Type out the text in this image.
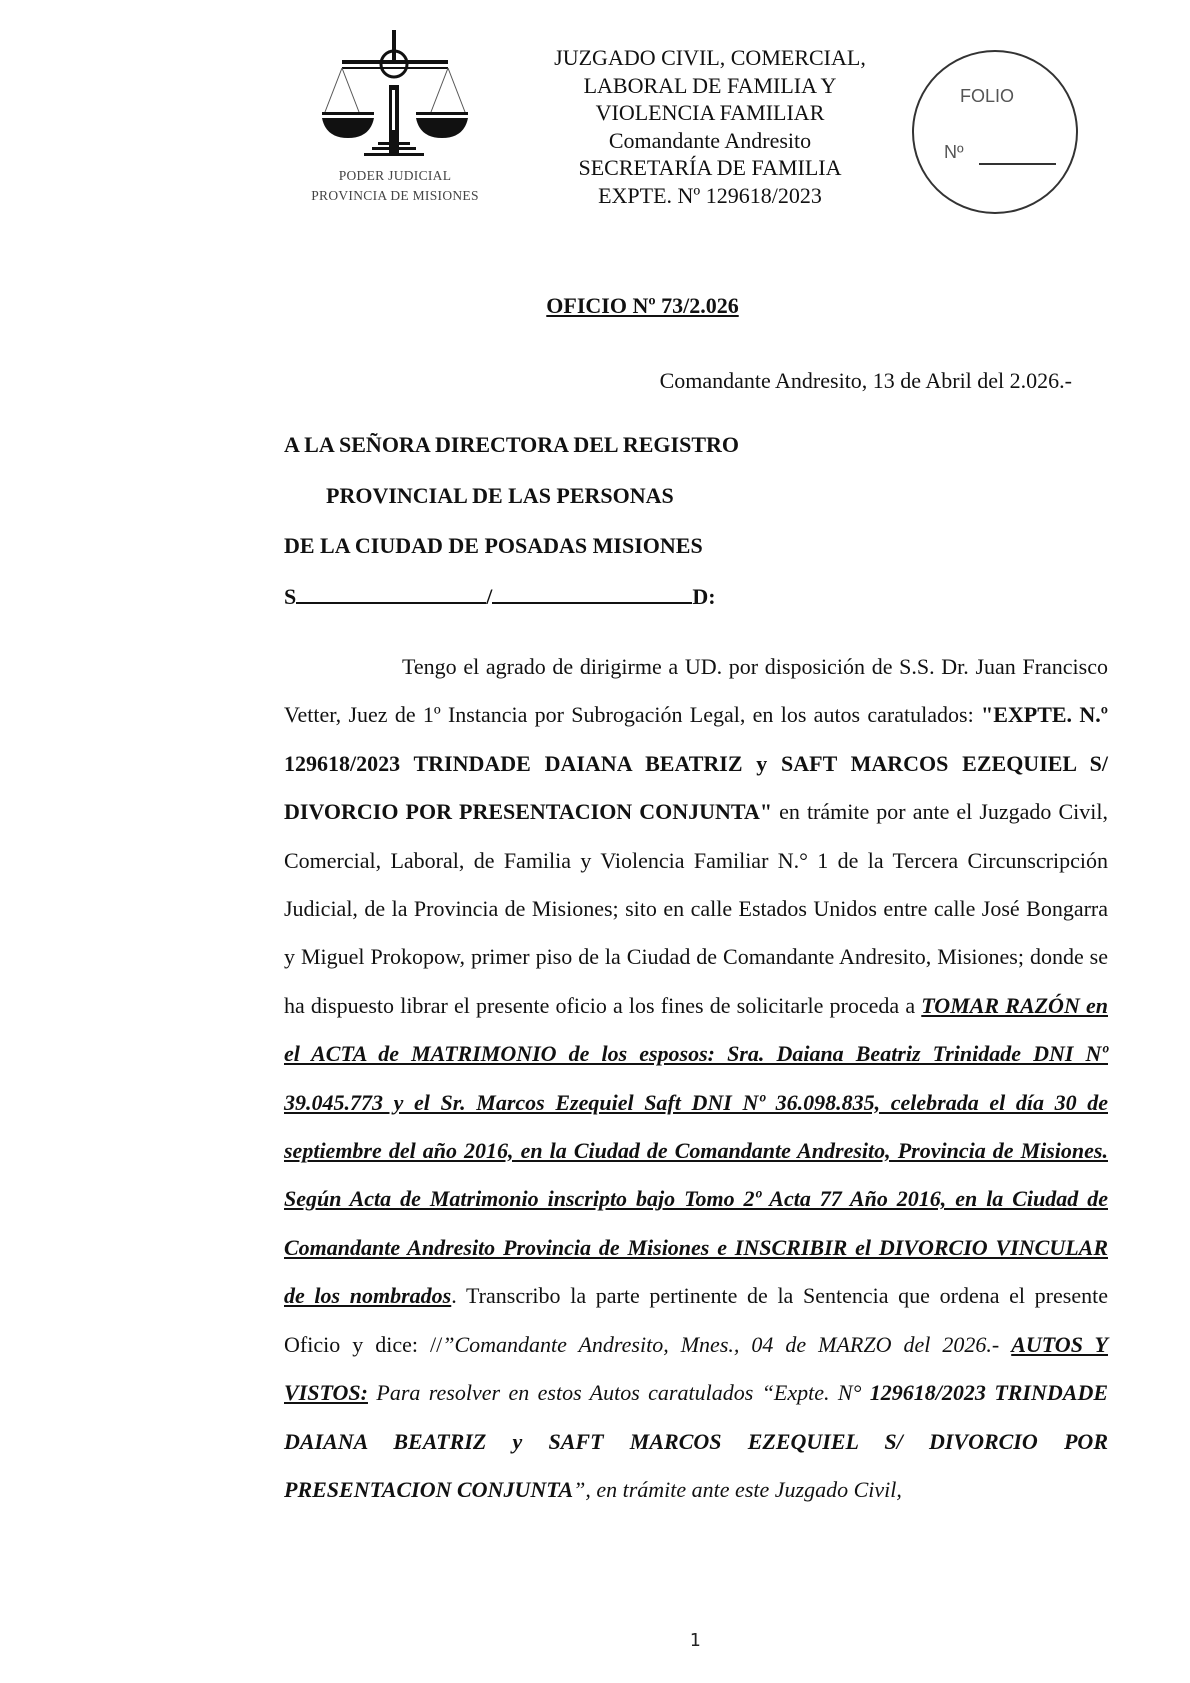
PODER JUDICIAL
PROVINCIA DE MISIONES
JUZGADO CIVIL, COMERCIAL,
LABORAL DE FAMILIA Y
VIOLENCIA FAMILIAR
Comandante Andresito
SECRETARÍA DE FAMILIA
EXPTE. Nº 129618/2023
FOLIO
Nº
OFICIO Nº 73/2.026
Comandante Andresito, 13 de Abril del 2.026.-
A LA SEÑORA DIRECTORA DEL REGISTRO
PROVINCIAL DE LAS PERSONAS
DE LA CIUDAD DE POSADAS MISIONES
S	/	D:

Tengo el agrado de dirigirme a UD. por disposición de S.S. Dr. Juan Francisco Vetter, Juez de 1º Instancia por Subrogación Legal, en los autos caratulados: "EXPTE. N.º 129618/2023 TRINDADE DAIANA BEATRIZ y SAFT MARCOS EZEQUIEL S/ DIVORCIO POR PRESENTACION CONJUNTA" en trámite por ante el Juzgado Civil, Comercial, Laboral, de Familia y Violencia Familiar N.° 1 de la Tercera Circunscripción Judicial, de la Provincia de Misiones; sito en calle Estados Unidos entre calle José Bongarra y Miguel Prokopow, primer piso de la Ciudad de Comandante Andresito, Misiones; donde se ha dispuesto librar el presente oficio a los fines de solicitarle proceda a TOMAR RAZÓN en el ACTA de MATRIMONIO de los esposos: Sra. Daiana Beatriz Trinidade DNI Nº 39.045.773 y el Sr. Marcos Ezequiel Saft DNI Nº 36.098.835, celebrada el día 30 de septiembre del año 2016, en la Ciudad de Comandante Andresito, Provincia de Misiones. Según Acta de Matrimonio inscripto bajo Tomo 2º Acta 77 Año 2016, en la Ciudad de Comandante Andresito Provincia de Misiones e INSCRIBIR el DIVORCIO VINCULAR de los nombrados. Transcribo la parte pertinente de la Sentencia que ordena el presente Oficio y dice: //”Comandante Andresito, Mnes., 04 de MARZO del 2026.- AUTOS Y VISTOS: Para resolver en estos Autos caratulados “Expte. N° 129618/2023 TRINDADE DAIANA BEATRIZ y SAFT MARCOS EZEQUIEL S/ DIVORCIO POR PRESENTACION CONJUNTA”, en trámite ante este Juzgado Civil,

1
